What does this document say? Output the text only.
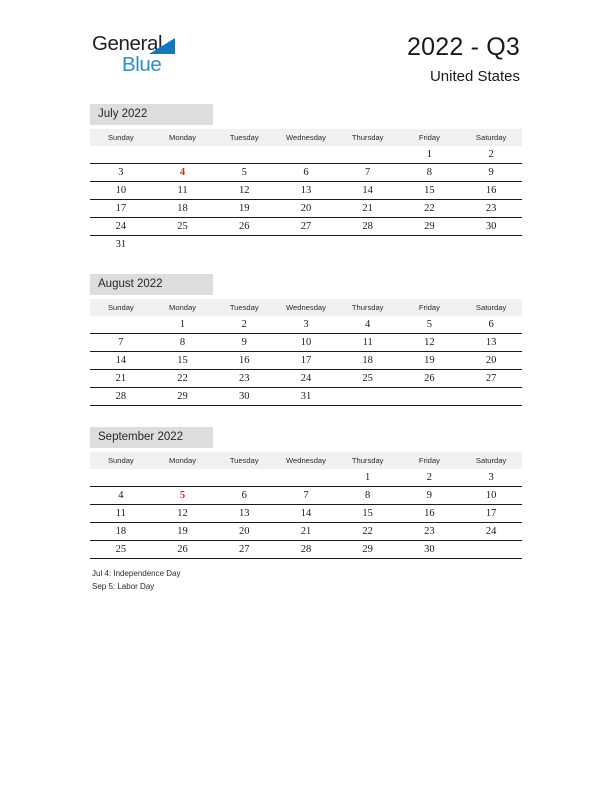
General
Blue
2022 - Q3
United States
July 2022
Sunday	Monday	Tuesday	Wednesday	Thursday	Friday	Saturday
					1	2
3	4	5	6	7	8	9
10	11	12	13	14	15	16
17	18	19	20	21	22	23
24	25	26	27	28	29	30
31						
August 2022
Sunday	Monday	Tuesday	Wednesday	Thursday	Friday	Saturday
	1	2	3	4	5	6
7	8	9	10	11	12	13
14	15	16	17	18	19	20
21	22	23	24	25	26	27
28	29	30	31			
September 2022
Sunday	Monday	Tuesday	Wednesday	Thursday	Friday	Saturday
				1	2	3
4	5	6	7	8	9	10
11	12	13	14	15	16	17
18	19	20	21	22	23	24
25	26	27	28	29	30	
Jul 4: Independence Day
Sep 5: Labor Day
